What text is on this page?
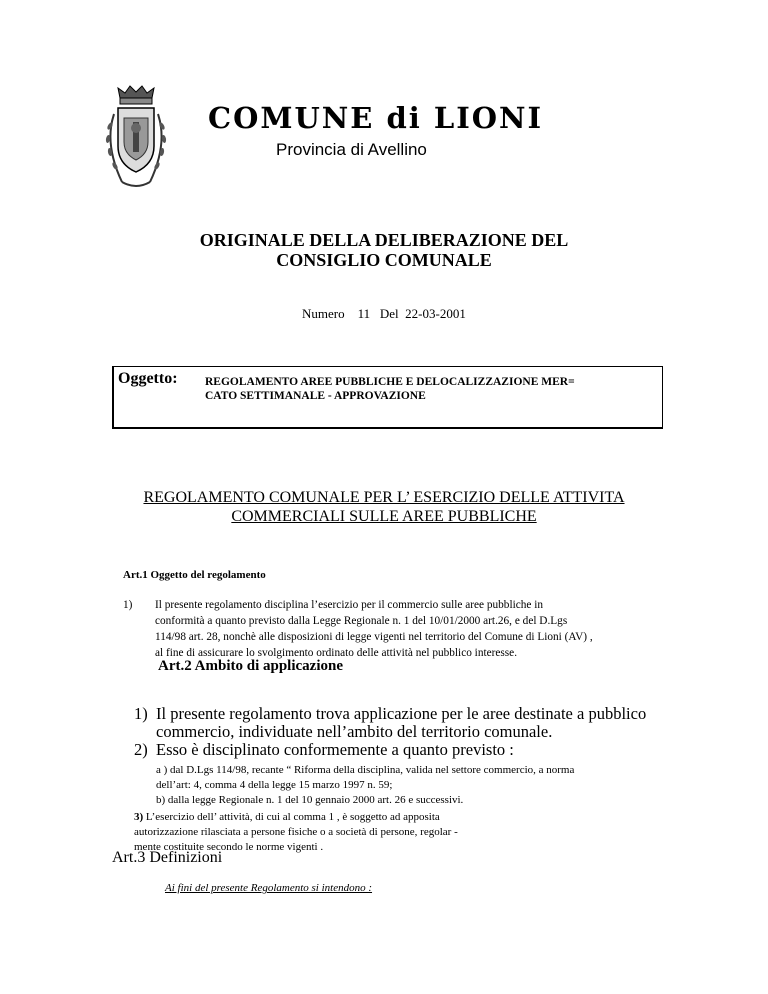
COMUNE di LIONI
Provincia di Avellino
ORIGINALE DELLA DELIBERAZIONE DEL
CONSIGLIO COMUNALE
Numero 11 Del 22-03-2001
Oggetto: REGOLAMENTO AREE PUBBLICHE E DELOCALIZZAZIONE MER=
CATO SETTIMANALE - APPROVAZIONE
REGOLAMENTO COMUNALE PER L’ ESERCIZIO DELLE ATTIVITA
COMMERCIALI SULLE AREE PUBBLICHE
Art.1 Oggetto del regolamento
1) Il presente regolamento disciplina l’esercizio per il commercio sulle aree pubbliche in
conformità a quanto previsto dalla Legge Regionale n. 1 del 10/01/2000 art.26, e del D.Lgs
114/98 art. 28, nonchè alle disposizioni di legge vigenti nel territorio del Comune di Lioni (AV) ,
al fine di assicurare lo svolgimento ordinato delle attività nel pubblico interesse.
Art.2 Ambito di applicazione
1) Il presente regolamento trova applicazione per le aree destinate a pubblico
commercio, individuate nell’ambito del territorio comunale.
2) Esso è disciplinato conformemente a quanto previsto :
a ) dal D.Lgs 114/98, recante “ Riforma della disciplina, valida nel settore commercio, a norma
dell’art: 4, comma 4 della legge 15 marzo 1997 n. 59;
b) dalla legge Regionale n. 1 del 10 gennaio 2000 art. 26 e successivi.
3) L’esercizio dell’ attività, di cui al comma 1 , è soggetto ad apposita
autorizzazione rilasciata a persone fisiche o a società di persone, regolar -
mente costituite secondo le norme vigenti .
Art.3 Definizioni
Ai fini del presente Regolamento si intendono :
